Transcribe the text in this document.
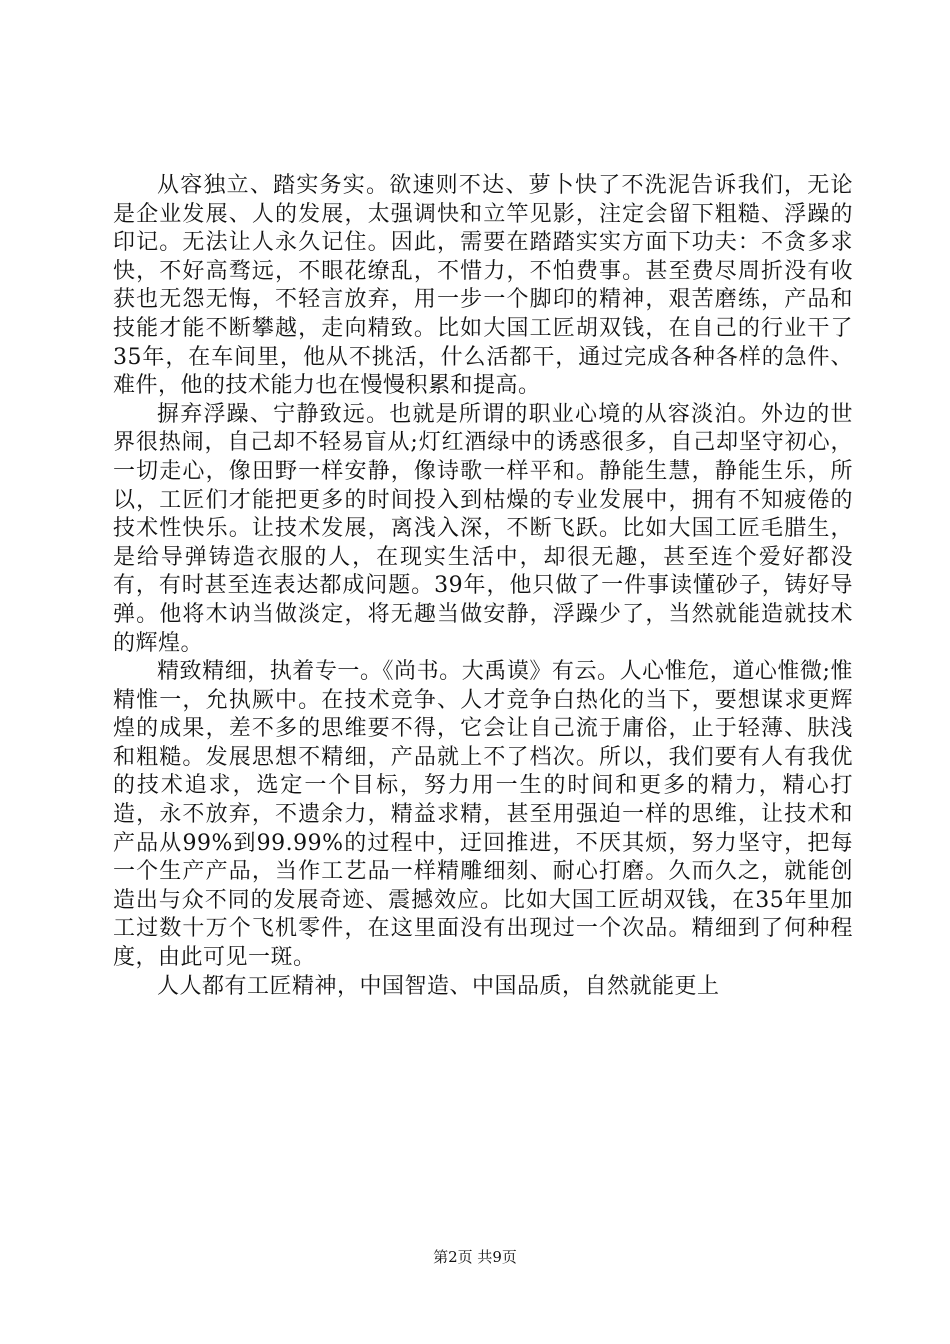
从容独立、踏实务实。欲速则不达、萝卜快了不洗泥告诉我们，无论是企业发展、人的发展，太强调快和立竿见影，注定会留下粗糙、浮躁的印记。无法让人永久记住。因此，需要在踏踏实实方面下功夫：不贪多求快，不好高骛远，不眼花缭乱，不惜力，不怕费事。甚至费尽周折没有收获也无怨无悔，不轻言放弃，用一步一个脚印的精神，艰苦磨练，产品和技能才能不断攀越，走向精致。比如大国工匠胡双钱，在自己的行业干了35年，在车间里，他从不挑活，什么活都干，通过完成各种各样的急件、难件，他的技术能力也在慢慢积累和提高。

摒弃浮躁、宁静致远。也就是所谓的职业心境的从容淡泊。外边的世界很热闹，自己却不轻易盲从;灯红酒绿中的诱惑很多，自己却坚守初心，一切走心，像田野一样安静，像诗歌一样平和。静能生慧，静能生乐，所以，工匠们才能把更多的时间投入到枯燥的专业发展中，拥有不知疲倦的技术性快乐。让技术发展，离浅入深，不断飞跃。比如大国工匠毛腊生，是给导弹铸造衣服的人，在现实生活中，却很无趣，甚至连个爱好都没有，有时甚至连表达都成问题。39年，他只做了一件事读懂砂子，铸好导弹。他将木讷当做淡定，将无趣当做安静，浮躁少了，当然就能造就技术的辉煌。

精致精细，执着专一。《尚书。大禹谟》有云。人心惟危，道心惟微;惟精惟一，允执厥中。在技术竞争、人才竞争白热化的当下，要想谋求更辉煌的成果，差不多的思维要不得，它会让自己流于庸俗，止于轻薄、肤浅和粗糙。发展思想不精细，产品就上不了档次。所以，我们要有人有我优的技术追求，选定一个目标，努力用一生的时间和更多的精力，精心打造，永不放弃，不遗余力，精益求精，甚至用强迫一样的思维，让技术和产品从99%到99.99%的过程中，迂回推进，不厌其烦，努力坚守，把每一个生产产品，当作工艺品一样精雕细刻、耐心打磨。久而久之，就能创造出与众不同的发展奇迹、震撼效应。比如大国工匠胡双钱，在35年里加工过数十万个飞机零件，在这里面没有出现过一个次品。精细到了何种程度，由此可见一斑。

人人都有工匠精神，中国智造、中国品质，自然就能更上

第2页 共9页
